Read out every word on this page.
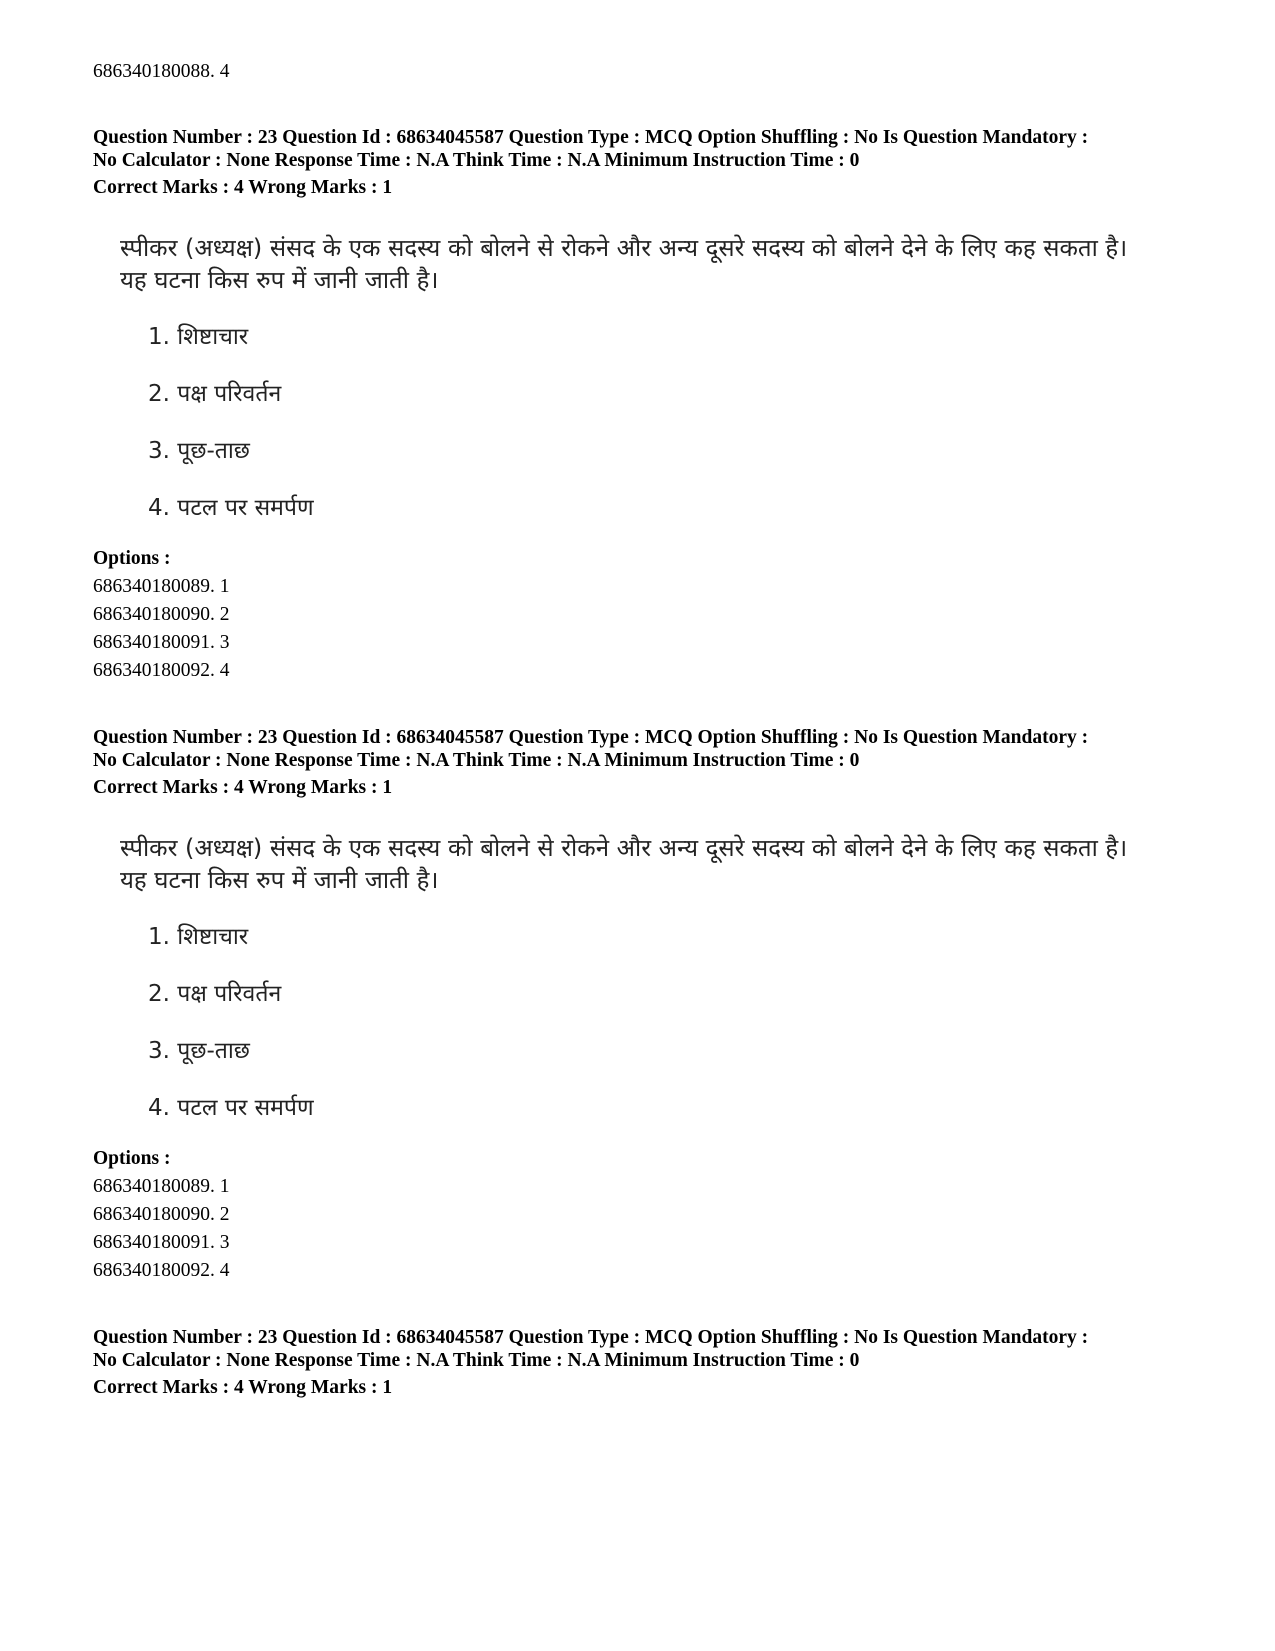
686340180088. 4
Question Number : 23 Question Id : 68634045587 Question Type : MCQ Option Shuffling : No Is Question Mandatory :
No Calculator : None Response Time : N.A Think Time : N.A Minimum Instruction Time : 0
Correct Marks : 4 Wrong Marks : 1
स्पीकर (अध्यक्ष) संसद के एक सदस्य को बोलने से रोकने और अन्य दूसरे सदस्य को बोलने देने के लिए कह सकता है।
यह घटना किस रुप में जानी जाती है।
1. शिष्टाचार
2. पक्ष परिवर्तन
3. पूछ-ताछ
4. पटल पर समर्पण
Options :
686340180089. 1
686340180090. 2
686340180091. 3
686340180092. 4
Question Number : 23 Question Id : 68634045587 Question Type : MCQ Option Shuffling : No Is Question Mandatory :
No Calculator : None Response Time : N.A Think Time : N.A Minimum Instruction Time : 0
Correct Marks : 4 Wrong Marks : 1
स्पीकर (अध्यक्ष) संसद के एक सदस्य को बोलने से रोकने और अन्य दूसरे सदस्य को बोलने देने के लिए कह सकता है।
यह घटना किस रुप में जानी जाती है।
1. शिष्टाचार
2. पक्ष परिवर्तन
3. पूछ-ताछ
4. पटल पर समर्पण
Options :
686340180089. 1
686340180090. 2
686340180091. 3
686340180092. 4
Question Number : 23 Question Id : 68634045587 Question Type : MCQ Option Shuffling : No Is Question Mandatory :
No Calculator : None Response Time : N.A Think Time : N.A Minimum Instruction Time : 0
Correct Marks : 4 Wrong Marks : 1
